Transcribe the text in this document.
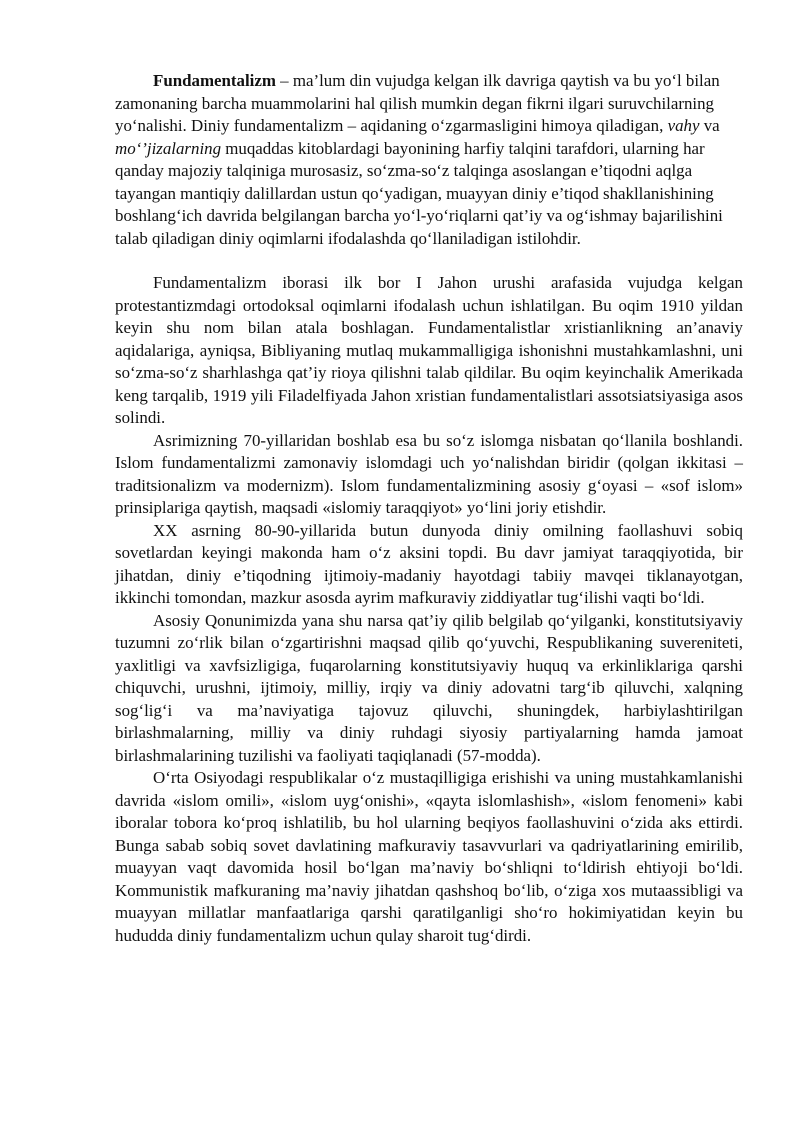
Fundamentalizm – ma’lum din vujudga kelgan ilk davriga qaytish va bu yo‘l bilan zamonaning barcha muammolarini hal qilish mumkin degan fikrni ilgari suruvchilarning yo‘nalishi. Diniy fundamentalizm – aqidaning o‘zgarmasligini himoya qiladigan, vahy va mo‘’jizalarning muqaddas kitoblardagi bayonining harfiy talqini tarafdori, ularning har qanday majoziy talqiniga murosasiz, so‘zma-so‘z talqinga asoslangan e’tiqodni aqlga tayangan mantiqiy dalillardan ustun qo‘yadigan, muayyan diniy e’tiqod shakllanishining boshlang‘ich davrida belgilangan barcha yo‘l-yo‘riqlarni qat’iy va og‘ishmay bajarilishini talab qiladigan diniy oqimlarni ifodalashda qo‘llaniladigan istilohdir.

Fundamentalizm iborasi ilk bor I Jahon urushi arafasida vujudga kelgan protestantizmdagi ortodoksal oqimlarni ifodalash uchun ishlatilgan. Bu oqim 1910 yildan keyin shu nom bilan atala boshlagan. Fundamentalistlar xristianlikning an’anaviy aqidalariga, ayniqsa, Bibliyaning mutlaq mukammalligiga ishonishni mustahkamlashni, uni so‘zma-so‘z sharhlashga qat’iy rioya qilishni talab qildilar. Bu oqim keyinchalik Amerikada keng tarqalib, 1919 yili Filadelfiyada Jahon xristian fundamentalistlari assotsiatsiyasiga asos solindi.

Asrimizning 70-yillaridan boshlab esa bu so‘z islomga nisbatan qo‘llanila boshlandi. Islom fundamentalizmi zamonaviy islomdagi uch yo‘nalishdan biridir (qolgan ikkitasi – traditsionalizm va modernizm). Islom fundamentalizmining asosiy g‘oyasi – «sof islom» prinsiplariga qaytish, maqsadi «islomiy taraqqiyot» yo‘lini joriy etishdir.

XX asrning 80-90-yillarida butun dunyoda diniy omilning faollashuvi sobiq sovetlardan keyingi makonda ham o‘z aksini topdi. Bu davr jamiyat taraqqiyotida, bir jihatdan, diniy e’tiqodning ijtimoiy-madaniy hayotdagi tabiiy mavqei tiklanayotgan, ikkinchi tomondan, mazkur asosda ayrim mafkuraviy ziddiyatlar tug‘ilishi vaqti bo‘ldi.

Asosiy Qonunimizda yana shu narsa qat’iy qilib belgilab qo‘yilganki, konstitutsiyaviy tuzumni zo‘rlik bilan o‘zgartirishni maqsad qilib qo‘yuvchi, Respublikaning suvereniteti, yaxlitligi va xavfsizligiga, fuqarolarning konstitutsiyaviy huquq va erkinliklariga qarshi chiquvchi, urushni, ijtimoiy, milliy, irqiy va diniy adovatni targ‘ib qiluvchi, xalqning sog‘lig‘i va ma’naviyatiga tajovuz qiluvchi, shuningdek, harbiylashtirilgan birlashmalarning, milliy va diniy ruhdagi siyosiy partiyalarning hamda jamoat birlashmalarining tuzilishi va faoliyati taqiqlanadi (57-modda).

O‘rta Osiyodagi respublikalar o‘z mustaqilligiga erishishi va uning mustahkamlanishi davrida «islom omili», «islom uyg‘onishi», «qayta islomlashish», «islom fenomeni» kabi iboralar tobora ko‘proq ishlatilib, bu hol ularning beqiyos faollashuvini o‘zida aks ettirdi. Bunga sabab sobiq sovet davlatining mafkuraviy tasavvurlari va qadriyatlarining emirilib, muayyan vaqt davomida hosil bo‘lgan ma’naviy bo‘shliqni to‘ldirish ehtiyoji bo‘ldi. Kommunistik mafkuraning ma’naviy jihatdan qashshoq bo‘lib, o‘ziga xos mutaassibligi va muayyan millatlar manfaatlariga qarshi qaratilganligi sho‘ro hokimiyatidan keyin bu hududda diniy fundamentalizm uchun qulay sharoit tug‘dirdi.
